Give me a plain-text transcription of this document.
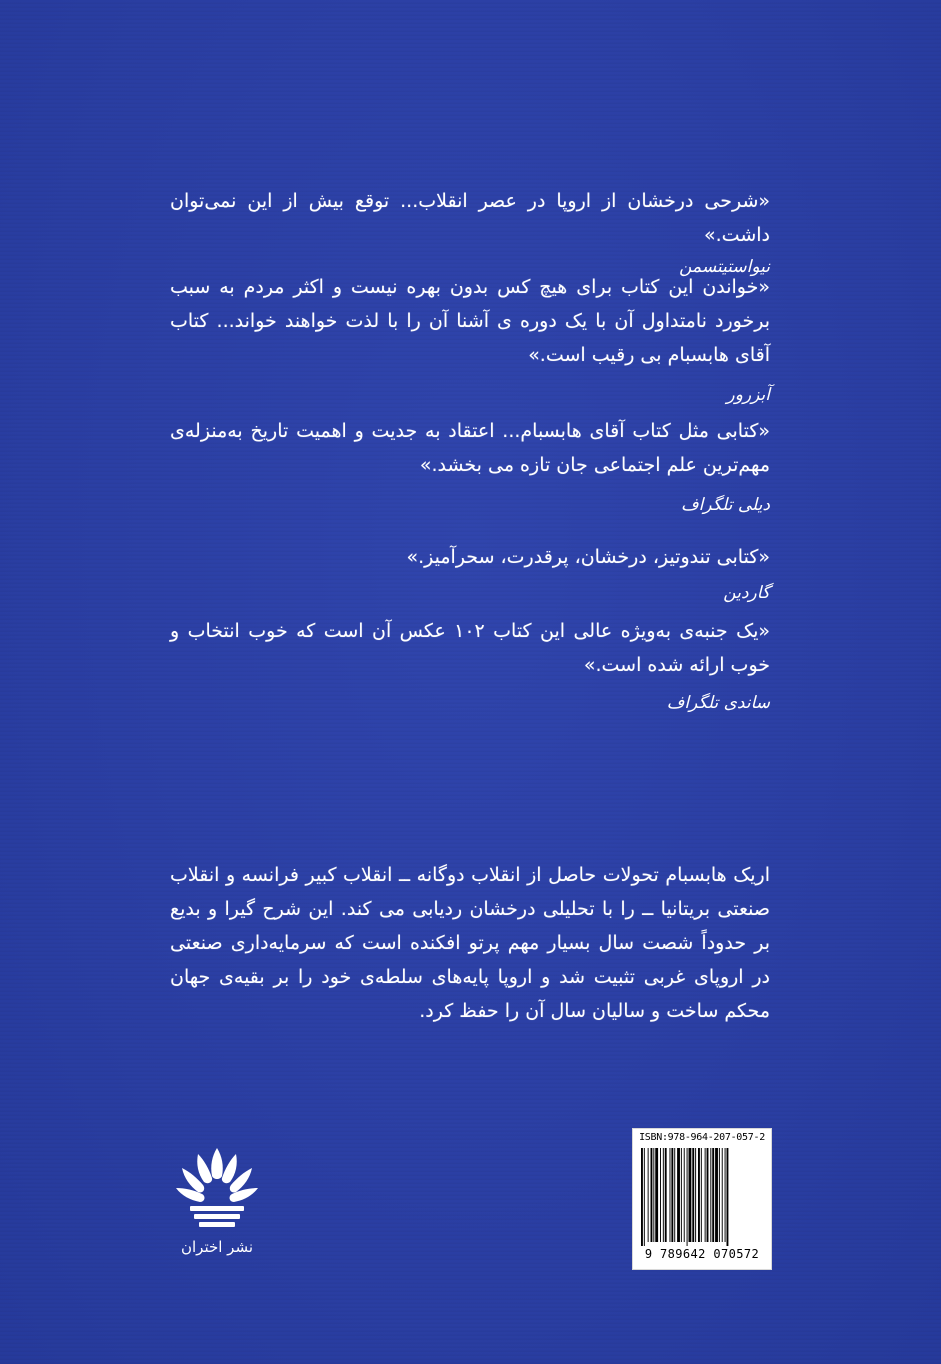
«شرحی درخشان از اروپا در عصر انقلاب... توقع بیش از این نمی‌توان داشت.»

نیواستیتسمن

«خواندن این کتاب برای هیچ کس بدون بهره نیست و اکثر مردم به سبب برخورد نامتداول آن با یک دوره ی آشنا آن را با لذت خواهند خواند... کتاب آقای هابسبام بی رقیب است.»

آبزرور

«کتابی مثل کتاب آقای هابسبام... اعتقاد به جدیت و اهمیت تاریخ به‌منزله‌ی مهم‌ترین علم اجتماعی جان تازه می بخشد.»

دیلی تلگراف

«کتابی تندوتیز، درخشان، پرقدرت، سحرآمیز.»

گاردین

«یک جنبه‌ی به‌ویژه عالی این کتاب ۱۰۲ عکس آن است که خوب انتخاب و خوب ارائه شده است.»

ساندی تلگراف

اریک هابسبام تحولات حاصل از انقلاب دوگانه ــ انقلاب کبیر فرانسه و انقلاب صنعتی بریتانیا ــ را با تحلیلی درخشان ردیابی می کند. این شرح گیرا و بدیع بر حدوداً شصت سال بسیار مهم پرتو افکنده است که سرمایه‌داری صنعتی در اروپای غربی تثبیت شد و اروپا پایه‌های سلطه‌ی خود را بر بقیه‌ی جهان محکم ساخت و سالیان سال آن را حفظ کرد.
نشر اختران
ISBN:978-964-207-057-2
9 789642 070572
